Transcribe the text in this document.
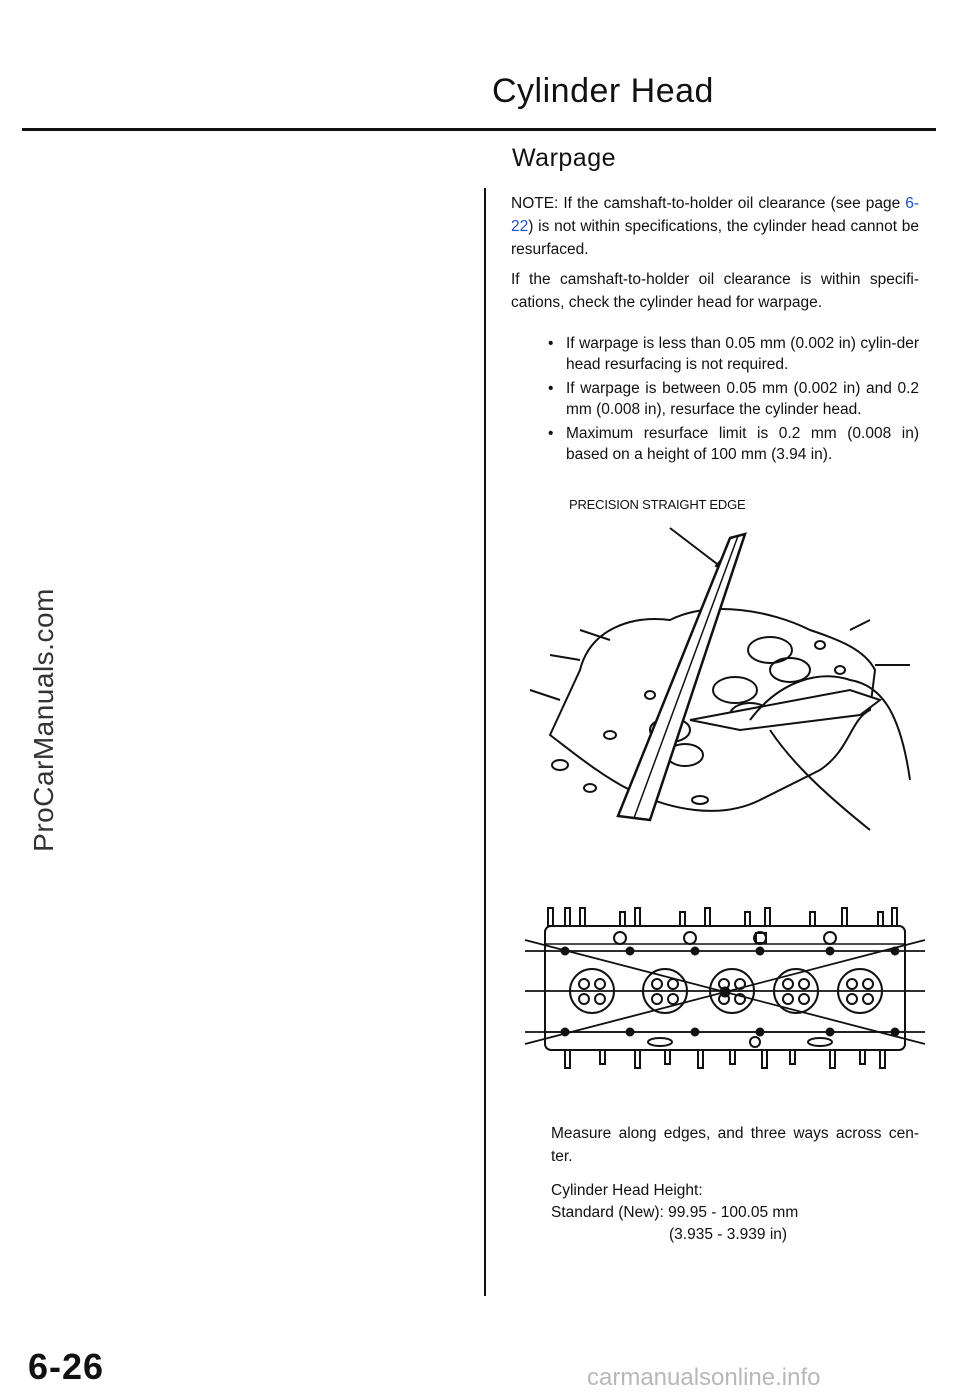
Cylinder Head
Warpage
NOTE: If the camshaft-to-holder oil clearance (see page 6-22) is not within specifications, the cylinder head cannot be resurfaced.
If the camshaft-to-holder oil clearance is within specifi-cations, check the cylinder head for warpage.
• If warpage is less than 0.05 mm (0.002 in) cylin-der head resurfacing is not required.
• If warpage is between 0.05 mm (0.002 in) and 0.2 mm (0.008 in), resurface the cylinder head.
• Maximum resurface limit is 0.2 mm (0.008 in) based on a height of 100 mm (3.94 in).
PRECISION STRAIGHT EDGE
Measure along edges, and three ways across cen-ter.
Cylinder Head Height:
Standard (New): 99.95 - 100.05 mm
(3.935 - 3.939 in)
ProCarManuals.com
6-26	carmanualsonline.info
